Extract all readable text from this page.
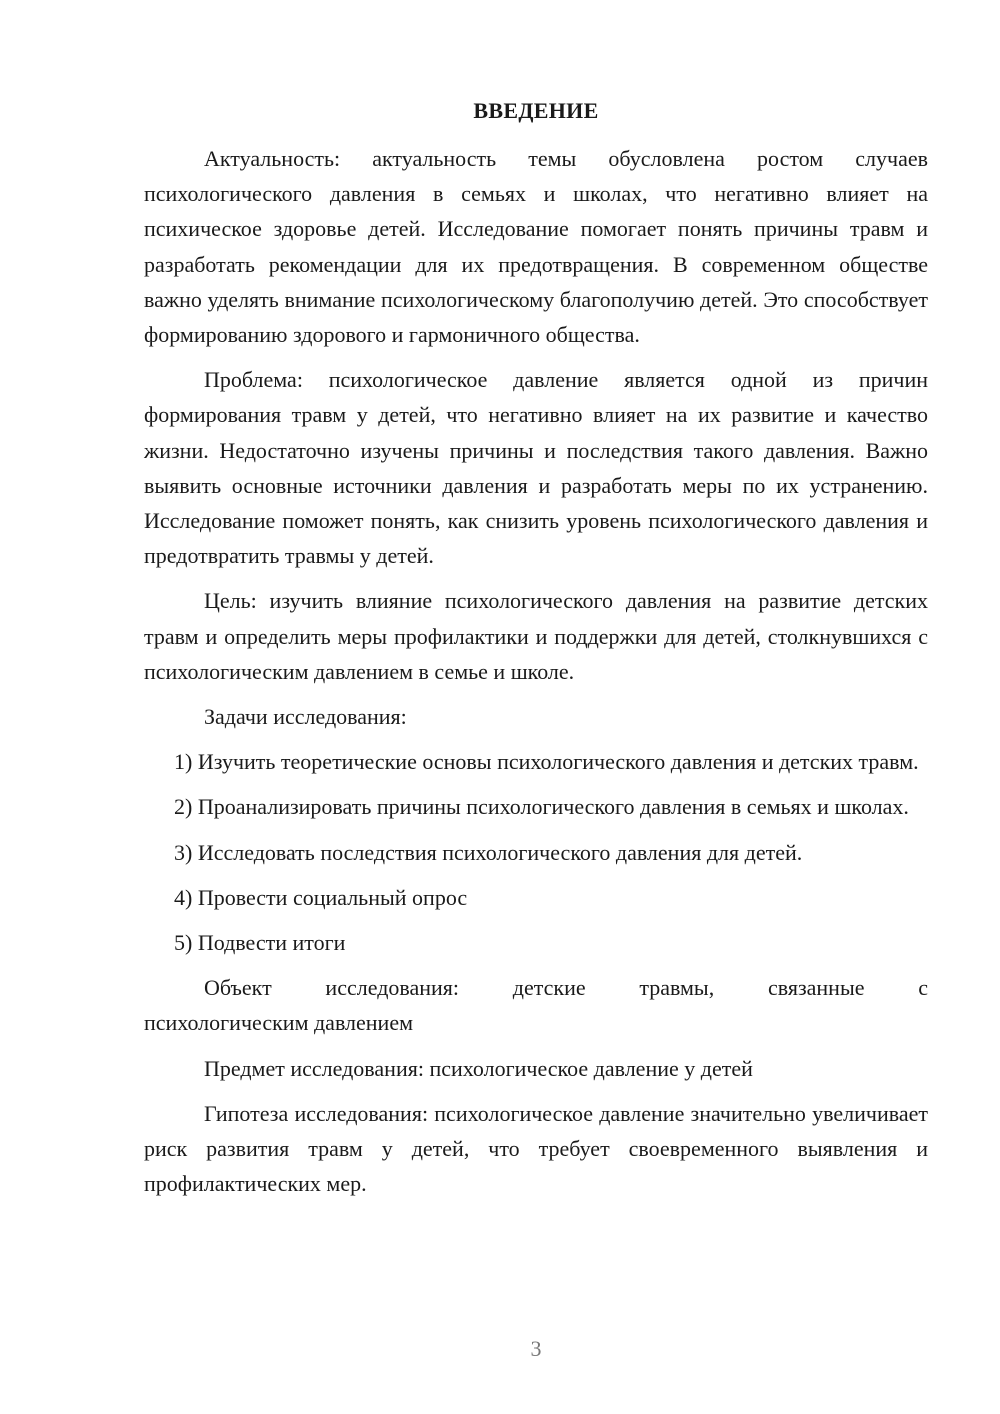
ВВЕДЕНИЕ

Актуальность: актуальность темы обусловлена ростом случаев психологического давления в семьях и школах, что негативно влияет на психическое здоровье детей. Исследование помогает понять причины травм и разработать рекомендации для их предотвращения. В современном обществе важно уделять внимание психологическому благополучию детей. Это способствует формированию здорового и гармоничного общества.

Проблема: психологическое давление является одной из причин формирования травм у детей, что негативно влияет на их развитие и качество жизни. Недостаточно изучены причины и последствия такого давления. Важно выявить основные источники давления и разработать меры по их устранению. Исследование поможет понять, как снизить уровень психологического давления и предотвратить травмы у детей.

Цель: изучить влияние психологического давления на развитие детских травм и определить меры профилактики и поддержки для детей, столкнувшихся с психологическим давлением в семье и школе.

Задачи исследования:

1) Изучить теоретические основы психологического давления и детских травм.

2) Проанализировать причины психологического давления в семьях и школах.

3) Исследовать последствия психологического давления для детей.

4) Провести социальный опрос

5) Подвести итоги

Объект исследования: детские травмы, связанные с
психологическим давлением

Предмет исследования: психологическое давление у детей

Гипотеза исследования: психологическое давление значительно увеличивает риск развития травм у детей, что требует своевременного выявления и профилактических мер.

3
